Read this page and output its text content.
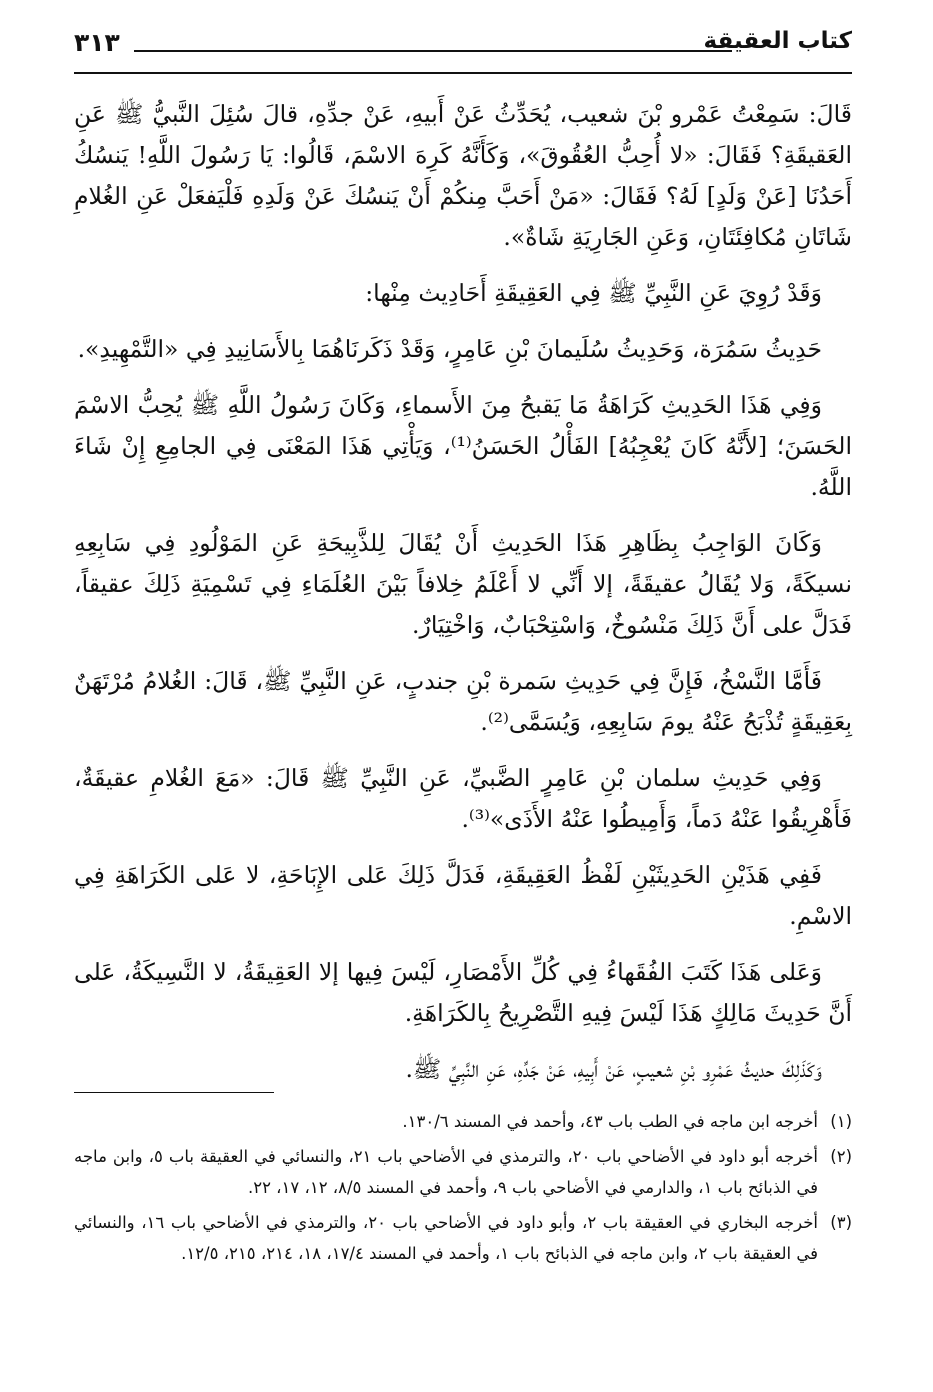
كتاب العقيقة
٣١٣

قَالَ: سَمِعْتُ عَمْرو بْنَ شعيب، يُحَدِّثُ عَنْ أَبيهِ، عَنْ جدِّهِ، قالَ سُئِلَ النَّبيُّ ﷺ عَنِ العَقيقَةِ؟ فَقَالَ: «لا أُحِبُّ العُقُوقَ»، وَكَأَنَّهُ كَرِهَ الاسْمَ، قَالُوا: يَا رَسُولَ اللَّهِ! يَنسُكُ أَحَدُنَا [عَنْ وَلَدٍ] لَهُ؟ فَقَالَ: «مَنْ أَحَبَّ مِنكُمْ أَنْ يَنسُكَ عَنْ وَلَدِهِ فَلْيَفعَلْ عَنِ الغُلامِ شَاتَانِ مُكافِئَتَانِ، وَعَنِ الجَارِيَةِ شَاةٌ».

وَقَدْ رُوِيَ عَنِ النَّبِيِّ ﷺ فِي العَقِيقَةِ أَحَادِيث مِنْها:

حَدِيثُ سَمُرَة، وَحَدِيثُ سُلَيمانَ بْنِ عَامِرٍ، وَقَدْ ذَكَرنَاهُمَا بِالأَسَانِيدِ فِي «التَّمْهِيدِ».

وَفِي هَذَا الحَدِيثِ كَرَاهَةُ مَا يَقبحُ مِنَ الأَسماءِ، وَكَانَ رَسُولُ اللَّهِ ﷺ يُحِبُّ الاسْمَ الحَسَنَ؛ [لأَنَّهُ كَانَ يُعْجِبُهُ] الفَأْلُ الحَسَنُ⁽¹⁾، وَيَأْتِي هَذَا المَعْنَى فِي الجامِعِ إِنْ شَاءَ اللَّهُ.

وَكَانَ الوَاجِبُ بِظَاهِرِ هَذَا الحَدِيثِ أَنْ يُقَالَ لِلذَّبِيحَةِ عَنِ المَوْلُودِ فِي سَابِعِهِ نسيكَةً، وَلا يُقَالُ عقيقَةً، إلا أَنِّي لا أَعْلَمُ خِلافاً بَيْنَ العُلَمَاءِ فِي تَسْمِيَةِ ذَلِكَ عقيقاً، فَدَلَّ على أَنَّ ذَلِكَ مَنْسُوخٌ، وَاسْتِحْبَابٌ، وَاخْتِيَارٌ.

فَأَمَّا النَّسْخُ، فَإِنَّ فِي حَدِيثِ سَمرة بْنِ جندبٍ، عَنِ النَّبِيِّ ﷺ، قَالَ: الغُلامُ مُرْتَهَنٌ بِعَقِيقَةٍ تُذْبَحُ عَنْهُ يومَ سَابِعِهِ، وَيُسَمَّى⁽²⁾.

وَفِي حَدِيثِ سلمان بْنِ عَامِرٍ الضَّبيِّ، عَنِ النَّبِيِّ ﷺ قَالَ: «مَعَ الغُلامِ عقيقَةٌ، فَأَهْرِيقُوا عَنْهُ دَماً، وَأَمِيطُوا عَنْهُ الأَذَى»⁽³⁾.

فَفِي هَذَيْنِ الحَدِيثَيْنِ لَفْظُ العَقِيقَةِ، فَدَلَّ ذَلِكَ عَلى الإِبَاحَةِ، لا عَلى الكَرَاهَةِ فِي الاسْمِ.

وَعَلى هَذَا كَتَبَ الفُقَهاءُ فِي كُلِّ الأَمْصَارِ، لَيْسَ فِيها إلا العَقِيقَةُ، لا النَّسِيكَةُ، عَلى أَنَّ حَدِيثَ مَالِكٍ هَذَا لَيْسَ فِيهِ التَّصْرِيحُ بِالكَرَاهَةِ.

وَكَذَلِكَ حديثُ عَمْرِو بْنِ شعيبٍ، عَنْ أَبِيهِ، عَنْ جَدِّهِ، عَنِ النَّبِيِّ ﷺ.

(١)
أخرجه ابن ماجه في الطب باب ٤٣، وأحمد في المسند ١٣٠/٦.
(٢)
أخرجه أبو داود في الأضاحي باب ٢٠، والترمذي في الأضاحي باب ٢١، والنسائي في العقيقة باب ٥، وابن ماجه في الذبائح باب ١، والدارمي في الأضاحي باب ٩، وأحمد في المسند ٨/٥، ١٢، ١٧، ٢٢.
(٣)
أخرجه البخاري في العقيقة باب ٢، وأبو داود في الأضاحي باب ٢٠، والترمذي في الأضاحي باب ١٦، والنسائي في العقيقة باب ٢، وابن ماجه في الذبائح باب ١، وأحمد في المسند ١٧/٤، ١٨، ٢١٤، ٢١٥، ١٢/٥.
